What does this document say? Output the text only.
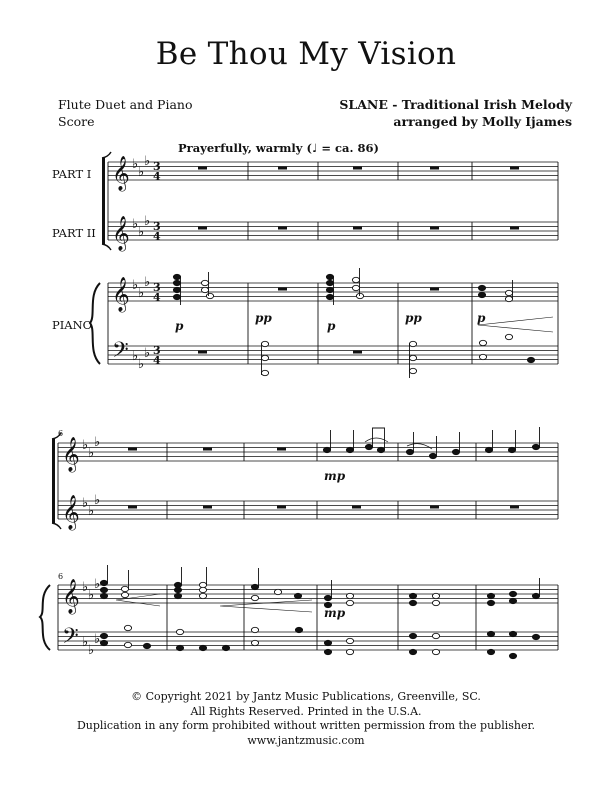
Be Thou My Vision
Flute Duet and Piano
Score
SLANE - Traditional Irish Melody
arranged by Molly Ijames
Prayerfully, warmly (♩ = ca. 86)
PART I
PART II
PIANO
𝄞
𝄞
𝄞
𝄢
♭
♭
♭
♭
♭
♭
♭
♭
♭
♭
♭
♭
3
4
3
4
3
4
3
4
p
pp
p
pp	p
6
6
𝄞
𝄞
𝄞
𝄢
♭
♭
♭
♭
♭
♭
♭
♭
♭
♭
♭
♭
mp
mp
© Copyright 2021 by Jantz Music Publications, Greenville, SC.
All Rights Reserved. Printed in the U.S.A.
Duplication in any form prohibited without written permission from the publisher.
www.jantzmusic.com
